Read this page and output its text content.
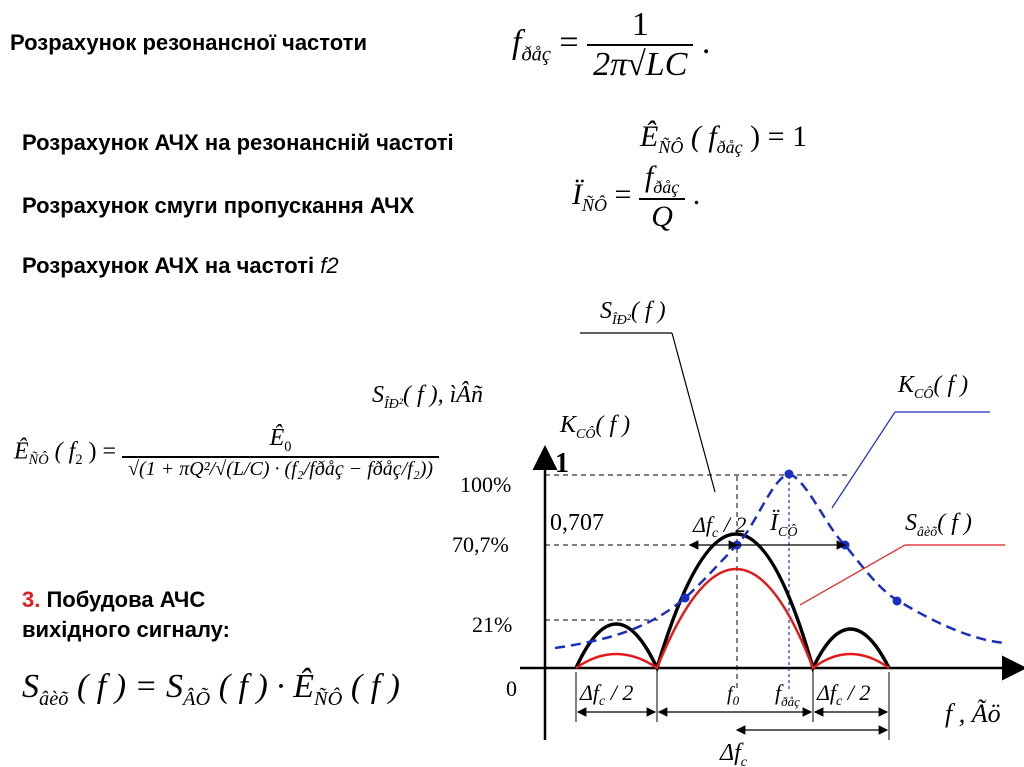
Розрахунок резонансної частоти
Розрахунок АЧХ на резонансній частоті
Розрахунок смуги пропускання АЧХ
Розрахунок АЧХ на частоті f2
3. Побудова АЧС
вихідного сигналу:
$f_{ðåç} = \frac{1}{2\pi√LC}$ .
$Ê_{ÑÔ}$ ( $f_{ðåç}$ ) = 1
$Ï_{ÑÔ} = \frac{f_{ðåç}}{Q}$ .
$Ê_{ÑÔ}$ ( $f_2$ ) = $\frac{Ê_0}{\text{√(1 + πQ²/√(L/C) · (f₂/fðåç − fðåç/f₂))}}$
$S_{âèõ}$ ( f ) = $S_{ÂÕ}$ ( f ) · $Ê_{ÑÔ}$ ( f )
$S_{ÎÐ^2}$( f )
$S_{ÎÐ^2}$( f ), ìÂñ
$K_{CÔ}$( f )
$K_{CÔ}$( f )
$S_{âèõ}$( f )
1
100%
70,7%
21%
0
0,707	$\Delta f_c / 2$ $Ï_{CÔ}$
$\Delta f_c / 2$	$\Delta f_c / 2$
$f_0$ $f_{ðåç}$
$\Delta f_c$
f , Ãö
